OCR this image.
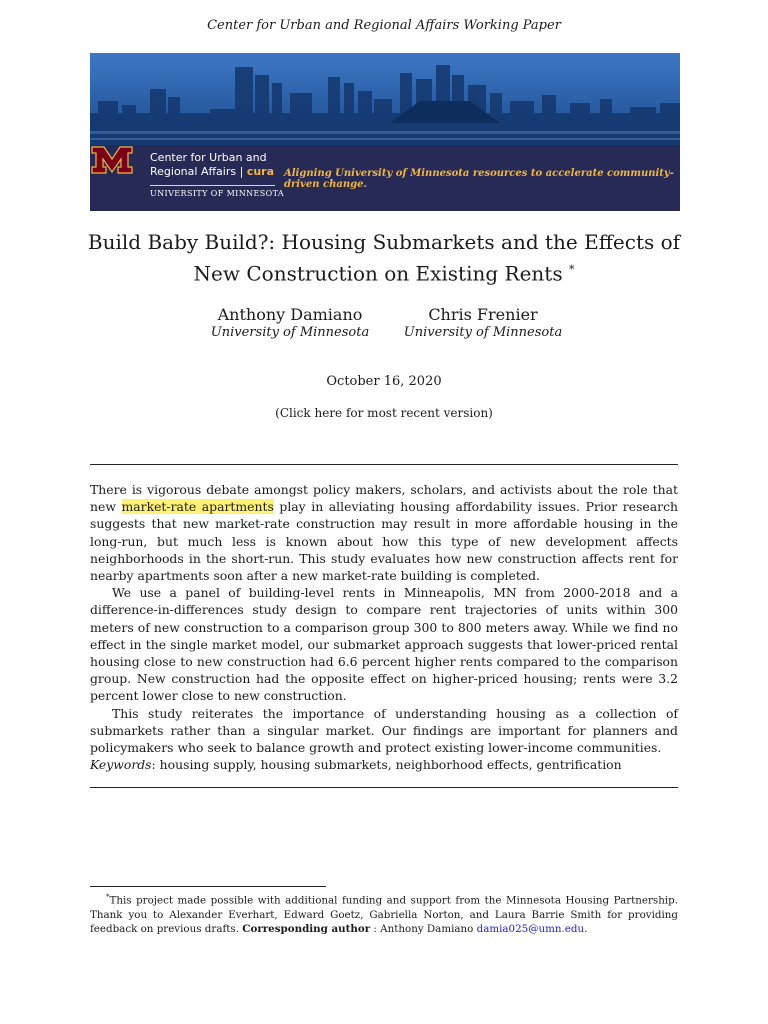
Center for Urban and Regional Affairs Working Paper
Center for Urban and
Regional Affairs | cura
UNIVERSITY OF MINNESOTA
Aligning University of Minnesota resources to accelerate community-driven change.
Build Baby Build?: Housing Submarkets and the Effects of
New Construction on Existing Rents *
Anthony Damiano
University of Minnesota
Chris Frenier
University of Minnesota
October 16, 2020
(Click here for most recent version)

There is vigorous debate amongst policy makers, scholars, and activists about the role that new market-rate apartments play in alleviating housing affordability issues. Prior research suggests that new market-rate construction may result in more affordable housing in the long-run, but much less is known about how this type of new development affects neighborhoods in the short-run. This study evaluates how new construction affects rent for nearby apartments soon after a new market-rate building is completed.

We use a panel of building-level rents in Minneapolis, MN from 2000-2018 and a difference-in-differences study design to compare rent trajectories of units within 300 meters of new construction to a comparison group 300 to 800 meters away. While we find no effect in the single market model, our submarket approach suggests that lower-priced rental housing close to new construction had 6.6 percent higher rents compared to the comparison group. New construction had the opposite effect on higher-priced housing; rents were 3.2 percent lower close to new construction.

This study reiterates the importance of understanding housing as a collection of submarkets rather than a singular market. Our findings are important for planners and policymakers who seek to balance growth and protect existing lower-income communities.

Keywords: housing supply, housing submarkets, neighborhood effects, gentrification
*This project made possible with additional funding and support from the Minnesota Housing Partnership. Thank you to Alexander Everhart, Edward Goetz, Gabriella Norton, and Laura Barrie Smith for providing feedback on previous drafts. Corresponding author : Anthony Damiano damia025@umn.edu.
